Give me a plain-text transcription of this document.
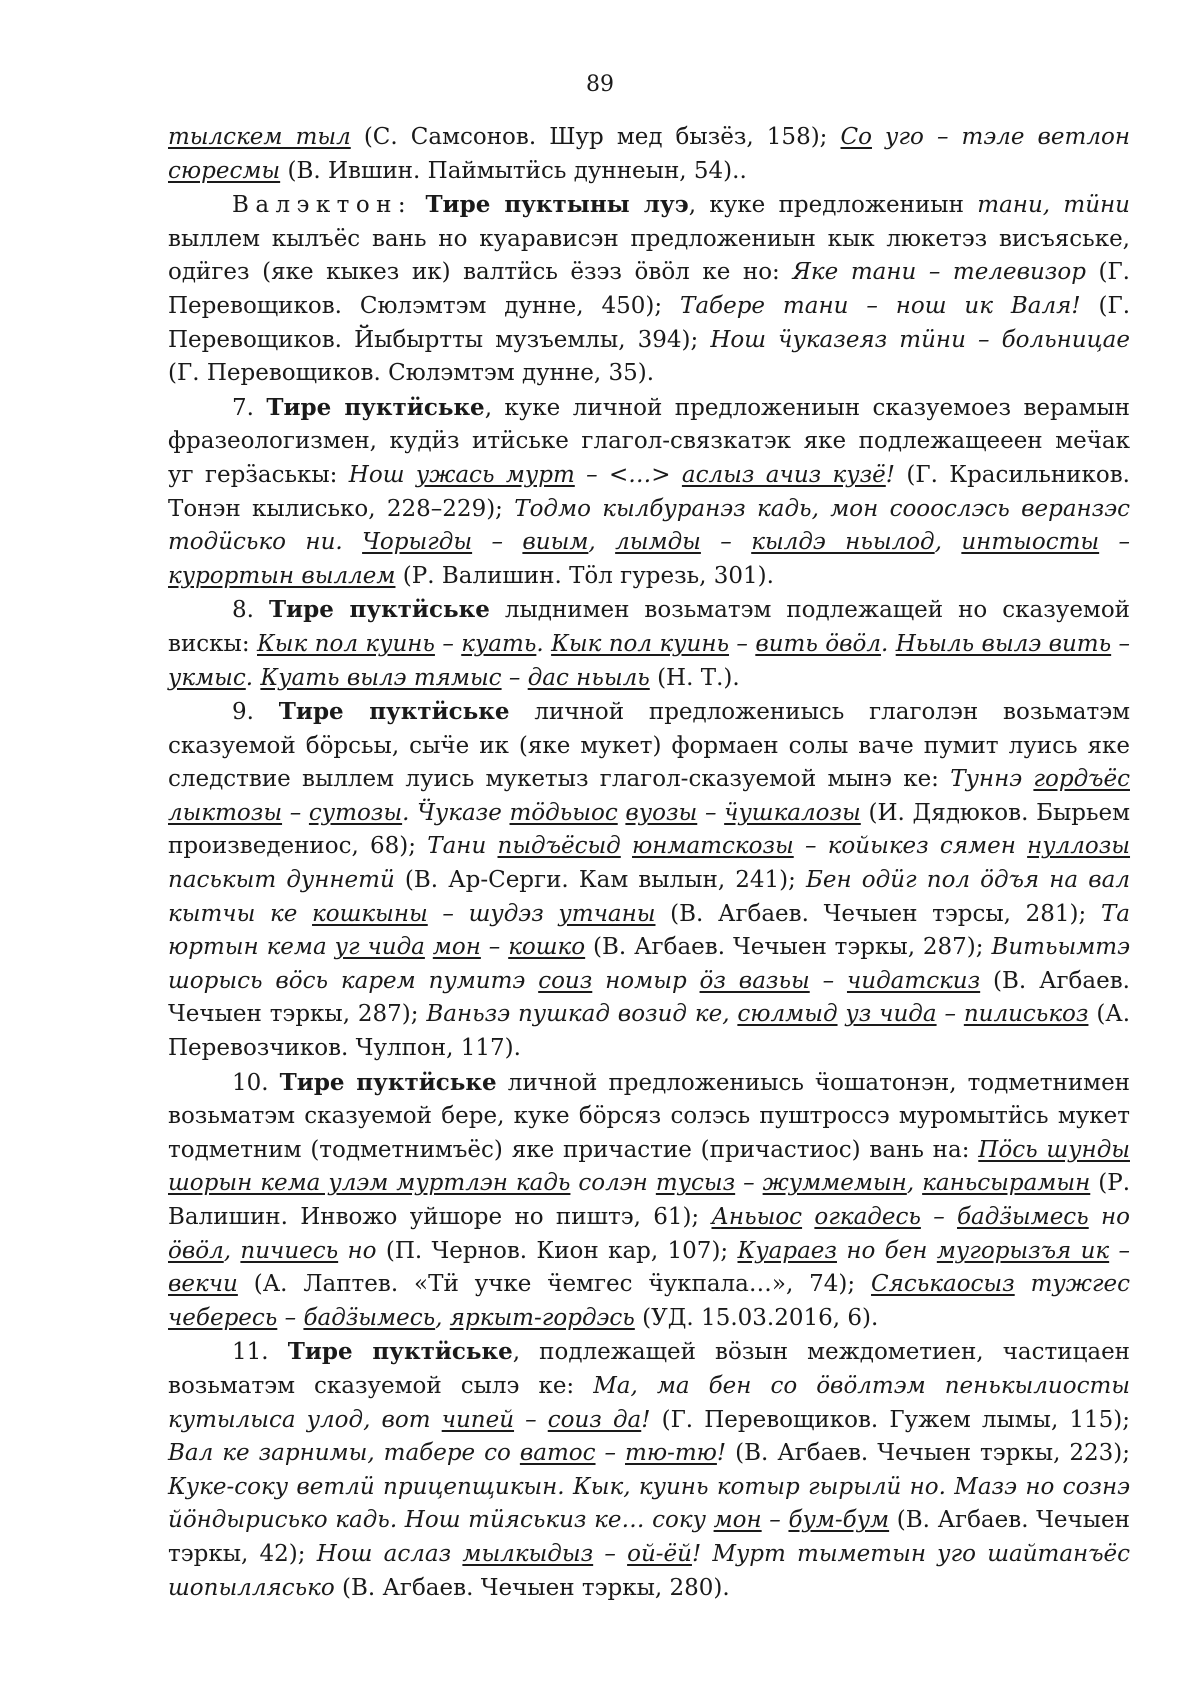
89

тылскем тыл (С. Самсонов. Шур мед бызёз, 158); Со уго – тэле ветлон сюресмы (В. Ившин. Паймытӥсь дуннеын, 54)..

Валэктон: Тире пуктыны луэ, куке предложениын тани, тӥни выллем кылъёс вань но куарависэн предложениын кык люкетэз висъяське, одӥгез (яке кыкез ик) валтӥсь ёзэз öвöл ке но: Яке тани – телевизор (Г. Перевощиков. Сюлэмтэм дунне, 450); Табере тани – нош ик Валя! (Г. Перевощиков. Йыбыртты музъемлы, 394); Нош ӵуказеяз тӥни – больницае (Г. Перевощиков. Сюлэмтэм дунне, 35).

7. Тире пуктӥське, куке личной предложениын сказуемоез верамын фразеологизмен, кудӥз итӥське глагол-связкатэк яке подлежащееен меӵак уг герӟаськы: Нош ужась мурт – <…> аслыз ачиз кузё! (Г. Красильников. Тонэн кылисько, 228–229); Тодмо кылбуранэз кадь, мон сооослэсь веранзэс тодӥсько ни. Чорыгды – виым, лымды – кылдэ ньылод, интыосты – курортын выллем (Р. Валишин. Тöл гурезь, 301).

8. Тире пуктӥське лыднимен возьматэм подлежащей но сказуемой вискы: Кык пол куинь – куать. Кык пол куинь – вить öвöл. Ньыль вылэ вить – укмыс. Куать вылэ тямыс – дас ньыль (Н. Т.).

9. Тире пуктӥське личной предложениысь глаголэн возьматэм сказуемой бöрсьы, сыӵе ик (яке мукет) формаен солы ваче пумит луись яке следствие выллем луись мукетыз глагол-сказуемой мынэ ке: Туннэ гордъёс лыктозы – сутозы. Ӵуказе тöдьыос вуозы – ӵушкалозы (И. Дядюков. Бырьем произведениос, 68); Тани пыдъёсыд юнматскозы – койыкез сямен нуллозы паськыт дуннетӥ (В. Ар-Серги. Кам вылын, 241); Бен одӥг пол öдъя на вал кытчы ке кошкыны – шудэз утчаны (В. Агбаев. Чечыен тэрcы, 281); Та юртын кема уг чида мон – кошко (В. Агбаев. Чечыен тэркы, 287); Витьымтэ шорысь вöсь карем пумитэ соиз номыр öз вазьы – чидатскиз (В. Агбаев. Чечыен тэркы, 287); Ваньзэ пушкад возид ке, сюлмыд уз чида – пилиськоз (А. Перевозчиков. Чулпон, 117).

10. Тире пуктӥське личной предложениысь ӵошатонэн, тодметнимен возьматэм сказуемой бере, куке бöрсяз солэсь пуштроссэ муромытӥсь мукет тодметним (тодметнимъёс) яке причастие (причастиос) вань на: Пöсь шунды шорын кема улэм муртлэн кадь солэн тусыз – жуммемын, каньсырамын (Р. Валишин. Инвожо уйшоре но пиштэ, 61); Аньыос огкадесь – бадӟымесь но öвöл, пичиесь но (П. Чернов. Кион кар, 107); Куараез но бен мугорызъя ик – векчи (А. Лаптев. «Тӥ учке ӵемгес ӵукпала…», 74); Сяськаосыз тужгес чебересь – бадӟымесь, яркыт-гордэсь (УД. 15.03.2016, 6).

11. Тире пуктӥське, подлежащей вöзын междометиен, частицаен возьматэм сказуемой сылэ ке: Ма, ма бен со öвöлтэм пенькылиосты кутылыса улод, вот чипей – соиз да! (Г. Перевощиков. Гужем лымы, 115); Вал ке зарнимы, табере со ватос – тю-тю! (В. Агбаев. Чечыен тэркы, 223); Куке-соку ветлӥ прицепщикын. Кык, куинь котыр гырылӥ но. Мазэ но сознэ йöндырисько кадь. Нош тӥяськиз ке… соку мон – бум-бум (В. Агбаев. Чечыен тэркы, 42); Нош аслаз мылкыдыз – ой-ёй! Мурт тыметын уго шайтанъёс шопыллясько (В. Агбаев. Чечыен тэркы, 280).
